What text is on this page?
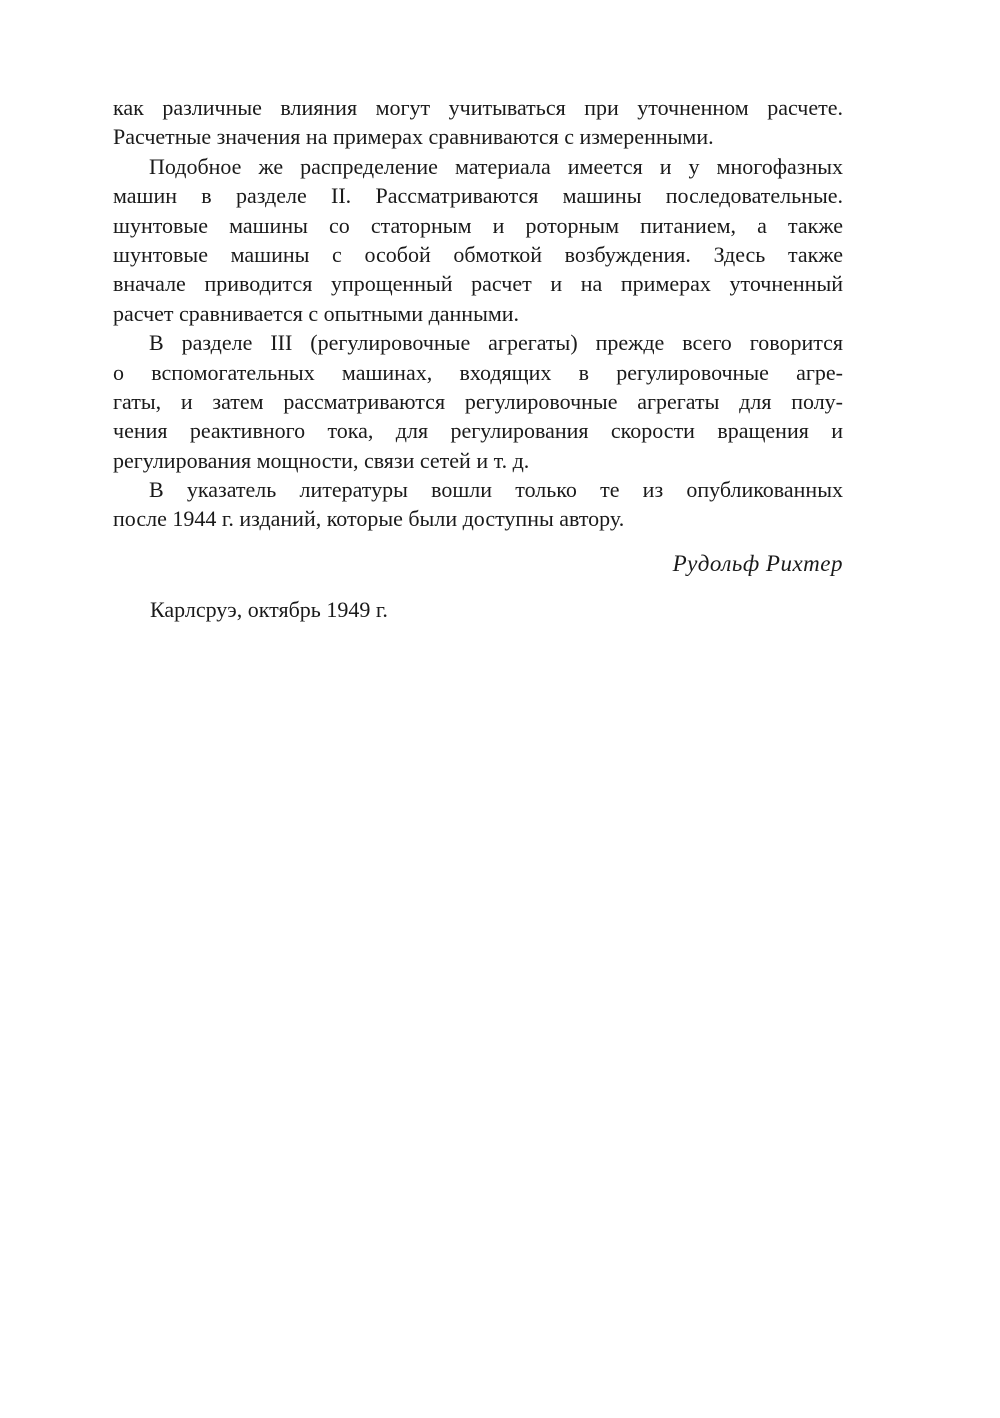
как различные влияния могут учитываться при уточненном расчете.
Расчетные значения на примерах сравниваются с измеренными.
Подобное же распределение материала имеется и у многофазных
машин в разделе II. Рассматриваются машины последовательные.
шунтовые машины со статорным и роторным питанием, а также
шунтовые машины с особой обмоткой возбуждения. Здесь также
вначале приводится упрощенный расчет и на примерах уточненный
расчет сравнивается с опытными данными.
В разделе III (регулировочные агрегаты) прежде всего говорится
о вспомогательных машинах, входящих в регулировочные агре-
гаты, и затем рассматриваются регулировочные агрегаты для полу-
чения реактивного тока, для регулирования скорости вращения и
регулирования мощности, связи сетей и т. д.
В указатель литературы вошли только те из опубликованных
после 1944 г. изданий, которые были доступны автору.
Рудольф Рихтер
Карлсруэ, октябрь 1949 г.
